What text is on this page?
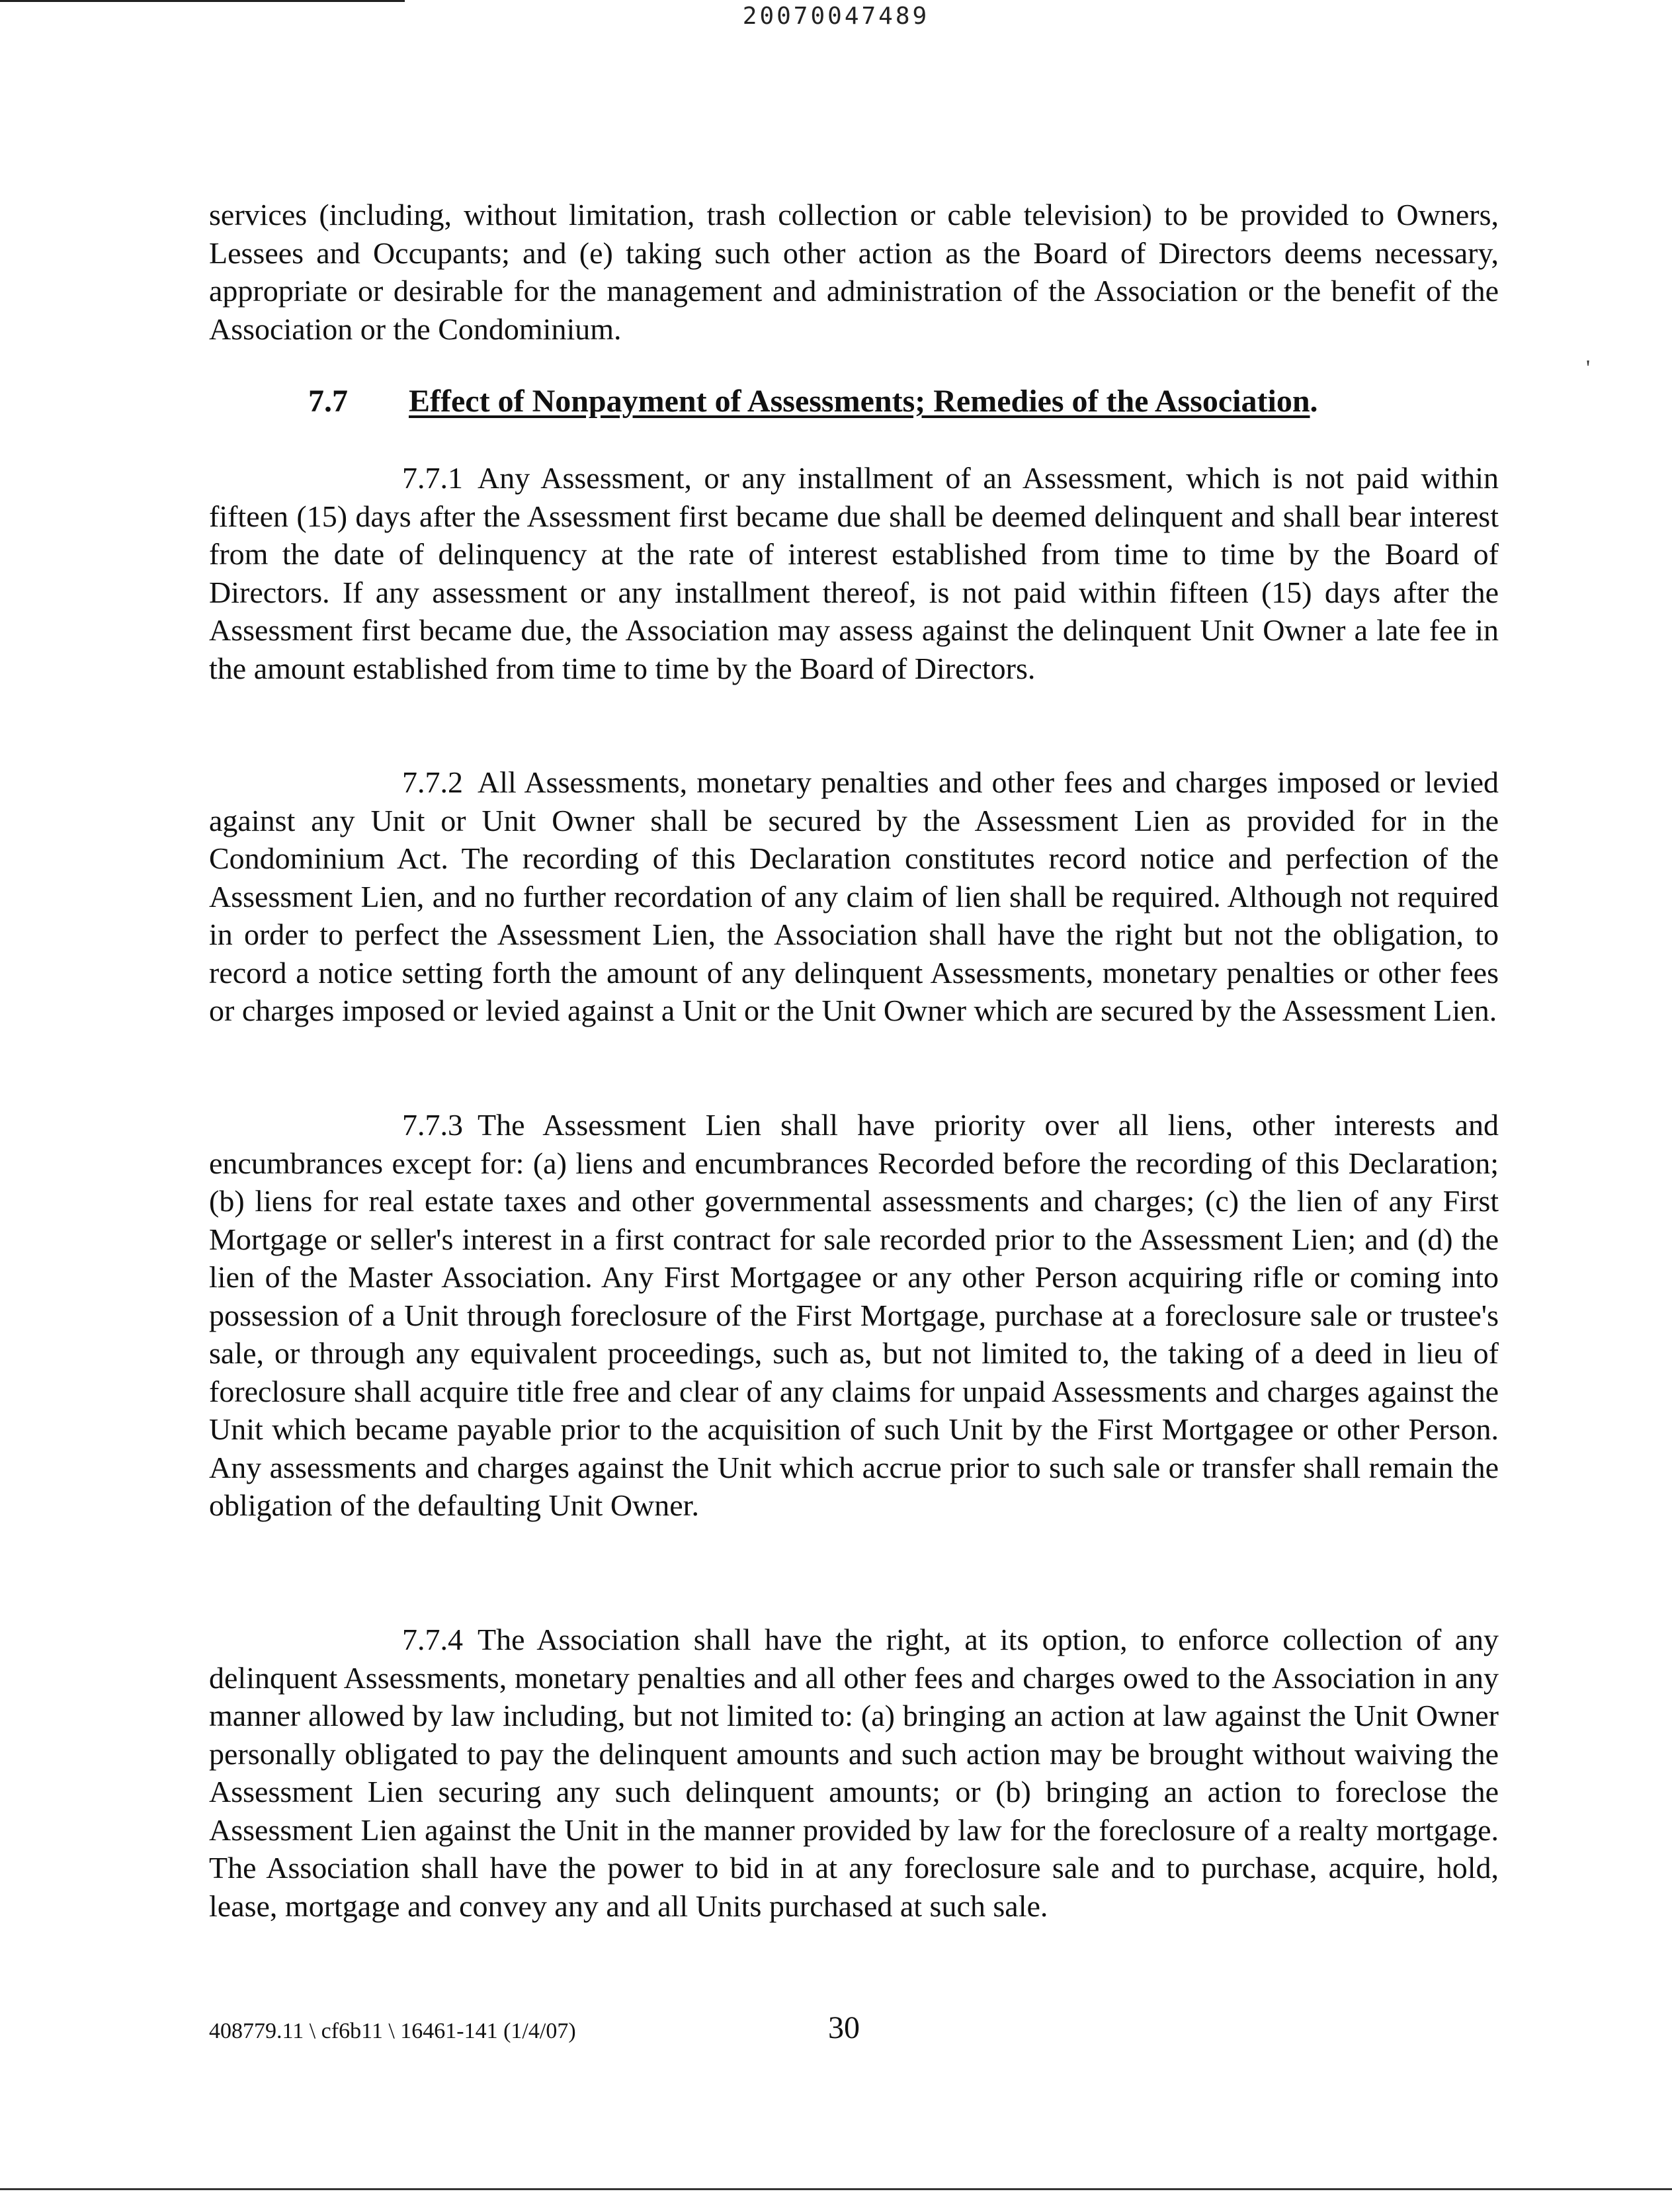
20070047489

services (including, without limitation, trash collection or cable television) to be provided to Owners, Lessees and Occupants; and (e) taking such other action as the Board of Directors deems necessary, appropriate or desirable for the management and administration of the Association or the benefit of the Association or the Condominium.

'
7.7 Effect of Nonpayment of Assessments; Remedies of the Association.

7.7.1 Any Assessment, or any installment of an Assessment, which is not paid within fifteen (15) days after the Assessment first became due shall be deemed delinquent and shall bear interest from the date of delinquency at the rate of interest established from time to time by the Board of Directors. If any assessment or any installment thereof, is not paid within fifteen (15) days after the Assessment first became due, the Association may assess against the delinquent Unit Owner a late fee in the amount established from time to time by the Board of Directors.

7.7.2 All Assessments, monetary penalties and other fees and charges imposed or levied against any Unit or Unit Owner shall be secured by the Assessment Lien as provided for in the Condominium Act. The recording of this Declaration constitutes record notice and perfection of the Assessment Lien, and no further recordation of any claim of lien shall be required. Although not required in order to perfect the Assessment Lien, the Association shall have the right but not the obligation, to record a notice setting forth the amount of any delinquent Assessments, monetary penalties or other fees or charges imposed or levied against a Unit or the Unit Owner which are secured by the Assessment Lien.

7.7.3 The Assessment Lien shall have priority over all liens, other interests and encumbrances except for: (a) liens and encumbrances Recorded before the recording of this Declaration; (b) liens for real estate taxes and other governmental assessments and charges; (c) the lien of any First Mortgage or seller's interest in a first contract for sale recorded prior to the Assessment Lien; and (d) the lien of the Master Association. Any First Mortgagee or any other Person acquiring rifle or coming into possession of a Unit through foreclosure of the First Mortgage, purchase at a foreclosure sale or trustee's sale, or through any equivalent proceedings, such as, but not limited to, the taking of a deed in lieu of foreclosure shall acquire title free and clear of any claims for unpaid Assessments and charges against the Unit which became payable prior to the acquisition of such Unit by the First Mortgagee or other Person. Any assessments and charges against the Unit which accrue prior to such sale or transfer shall remain the obligation of the defaulting Unit Owner.

7.7.4 The Association shall have the right, at its option, to enforce collection of any delinquent Assessments, monetary penalties and all other fees and charges owed to the Association in any manner allowed by law including, but not limited to: (a) bringing an action at law against the Unit Owner personally obligated to pay the delinquent amounts and such action may be brought without waiving the Assessment Lien securing any such delinquent amounts; or (b) bringing an action to foreclose the Assessment Lien against the Unit in the manner provided by law for the foreclosure of a realty mortgage. The Association shall have the power to bid in at any foreclosure sale and to purchase, acquire, hold, lease, mortgage and convey any and all Units purchased at such sale.

408779.11 \ cf6b11 \ 16461-141 (1/4/07)	30
